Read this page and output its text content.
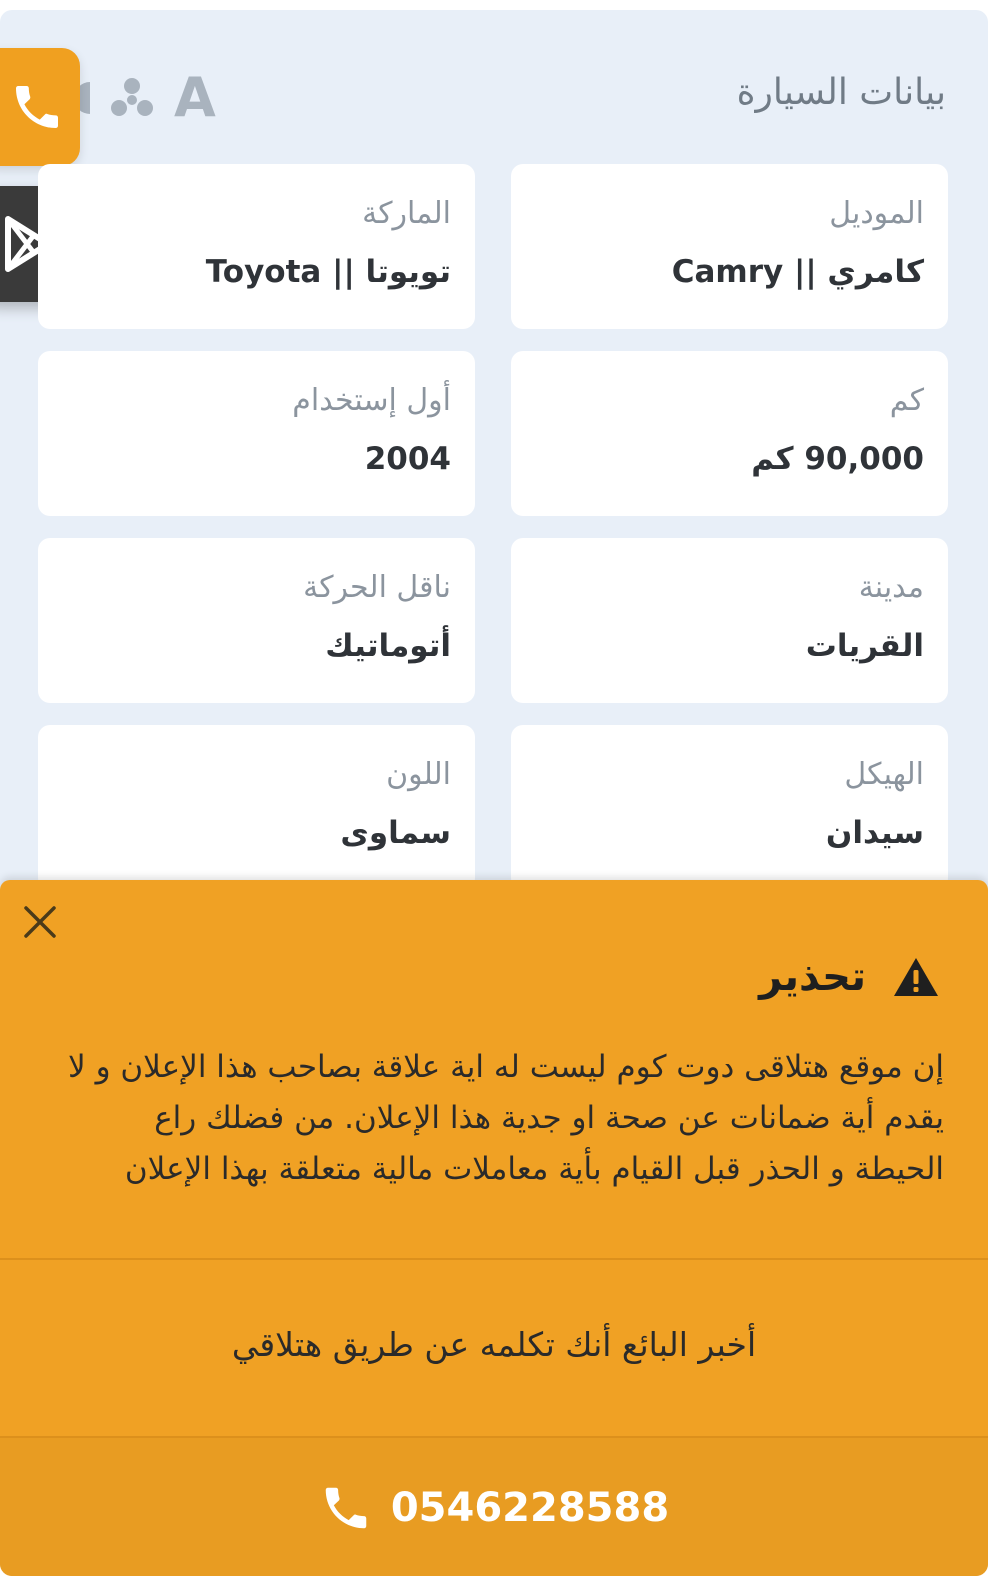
بيانات السيارة
A
الماركة
تويوتا || Toyota
الموديل
كامري || Camry
أول إستخدام
2004
كم
90,000 كم
ناقل الحركة
أتوماتيك
مدينة
القريات
اللون
سماوى
الهيكل
سيدان
تحذير
إن موقع هتلاقى دوت كوم ليست له اية علاقة بصاحب هذا الإعلان و لا يقدم أية ضمانات عن صحة او جدية هذا الإعلان. من فضلك راع الحيطة و الحذر قبل القيام بأية معاملات مالية متعلقة بهذا الإعلان
أخبر البائع أنك تكلمه عن طريق هتلاقي
0546228588
